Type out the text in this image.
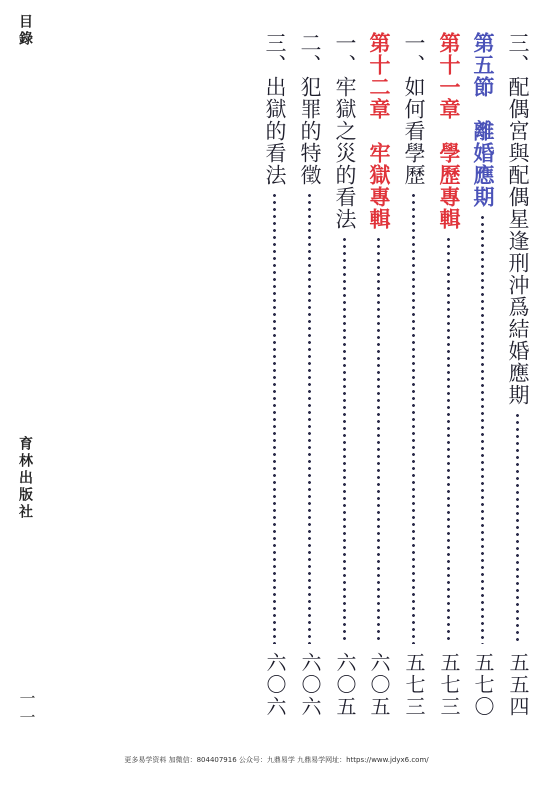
目錄
育林出版社
一一
三、配偶宮與配偶星逢刑沖爲結婚應期
五五四
第五節　離婚應期
五七〇
第十一章　學歷專輯
五七三
一、如何看學歷
五七三
第十二章　牢獄專輯
六〇五
一、牢獄之災的看法
六〇五
二、犯罪的特徵
六〇六
三、出獄的看法
六〇六
更多易学资料 加微信：804407916 公众号：九鼎易学 九鼎易学网址：https://www.jdyx6.com/
